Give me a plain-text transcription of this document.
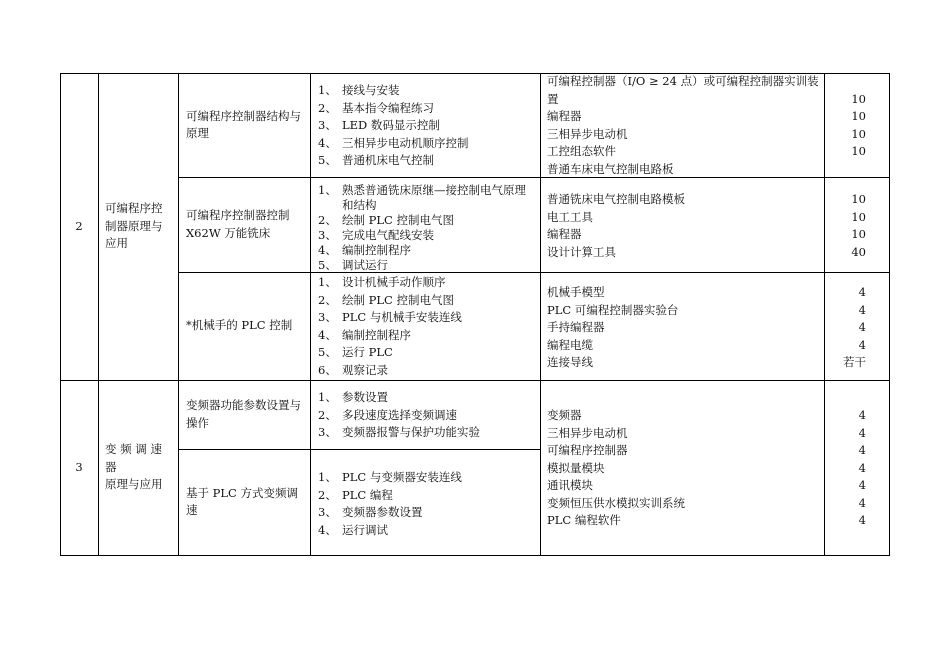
2
可编程序控
制器原理与
应用
可编程序控制器结构与
原理
1、 接线与安装
2、 基本指令编程练习
3、 LED 数码显示控制
4、 三相异步电动机顺序控制
5、 普通机床电气控制
可编程控制器（I/O ≥ 24 点）或可编程控制器实训装
置
编程器
三相异步电动机
工控组态软件
普通车床电气控制电路板

10
10
10
10
可编程序控制器控制
X62W 万能铣床
1、 熟悉普通铣床原继—接控制电气原理
和结构
2、 绘制 PLC 控制电气图
3、 完成电气配线安装
4、 编制控制程序
5、 调试运行
普通铣床电气控制电路模板
电工工具
编程器
设计计算工具
10
10
10
40
*机械手的 PLC 控制
1、 设计机械手动作顺序
2、 绘制 PLC 控制电气图
3、 PLC 与机械手安装连线
4、 编制控制程序
5、 运行 PLC
6、 观察记录
机械手模型
PLC 可编程控制器实验台
手持编程器
编程电缆
连接导线
4
4
4
4
若干
3
变 频 调 速 器
原理与应用
变频器功能参数设置与
操作
1、 参数设置
2、 多段速度选择变频调速
3、 变频器报警与保护功能实验
基于 PLC 方式变频调速
1、 PLC 与变频器安装连线
2、 PLC 编程
3、 变频器参数设置
4、 运行调试
变频器
三相异步电动机
可编程序控制器
模拟量模块
通讯模块
变频恒压供水模拟实训系统
PLC 编程软件
4
4
4
4
4
4
4
